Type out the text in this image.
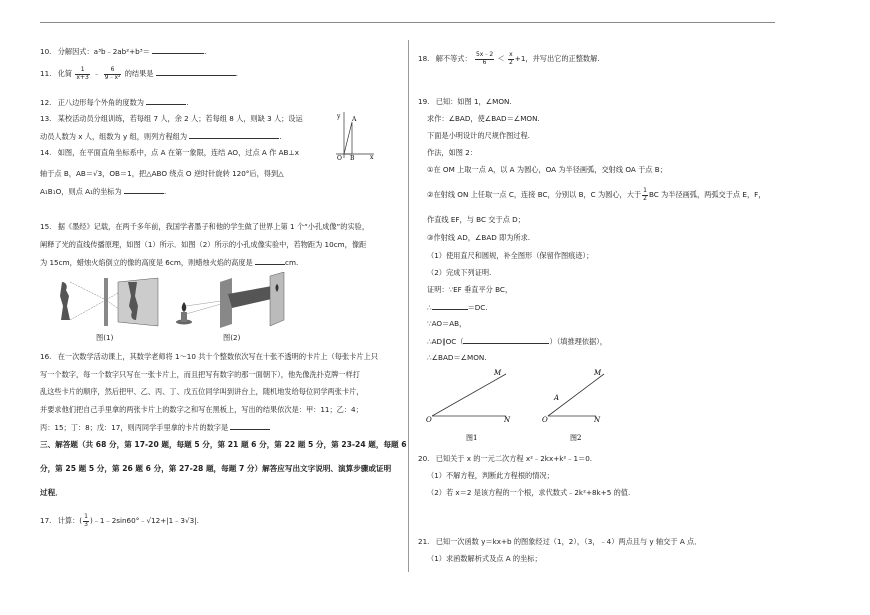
10. 分解因式：a³b﹣2ab²+b³＝	.
11. 化简 $\frac{1}{x+3}$ ﹣ $\frac{6}{\text{9﹣x²}}$ 的结果是	.
12. 正八边形每个外角的度数为	.
13. 某校活动员分组训练，若每组 7 人，余 2 人；若每组 8 人，则缺 3 人；设运
动员人数为 x 人，组数为 y 组，则列方程组为	.
14. 如图，在平面直角坐标系中，点 A 在第一象限，连结 AO，过点 A 作 AB⊥x
轴于点 B，AB＝√3，OB＝1，把△ABO 绕点 O 逆时针旋转 120°后，得到△
A₁B₁O，则点 A₁的坐标为	.
y
x
A
O B
15. 据《墨经》记载，在两千多年前，我国学者墨子和他的学生做了世界上第 1 个“小孔成像”的实验，
阐释了光的直线传播原理，如图（1）所示．如图（2）所示的小孔成像实验中，若物距为 10cm，像距
为 15cm，蜡烛火焰倒立的像的高度是 6cm，则蜡烛火焰的高度是	cm.
图(1)	图(2)
16. 在一次数学活动课上，其数学老师将 1～10 共十个整数依次写在十张不透明的卡片上（每张卡片上只
写一个数字，每一个数字只写在一张卡片上，而且把写有数字的那一面朝下），他先像洗扑克牌一样打
乱这些卡片的顺序，然后把甲、乙、丙、丁、戊五位同学叫到讲台上，随机地发给每位同学两张卡片，
并要求他们把自己手里拿的两张卡片上的数字之和写在黑板上，写出的结果依次是：甲：11；乙：4；
丙：15；丁：8；戊：17，则丙同学手里拿的卡片的数字是
三、解答题（共 68 分，第 17-20 题，每题 5 分，第 21 题 6 分，第 22 题 5 分，第 23-24 题，每题 6
分，第 25 题 5 分，第 26 题 6 分，第 27-28 题，每题 7 分）解答应写出文字说明、演算步骤或证明
过程．
17. 计算：( $\frac{1}{3}$ )﹣1﹣2sin60°﹣√12+|1﹣3√3|.
18. 解不等式： $\frac{5x﹣2}{6} < \frac{x}{2} +1$，并写出它的正整数解.
19. 已知：如图 1，∠MON.
求作：∠BAD，使∠BAD＝∠MON.
下面是小明设计的尺规作图过程.
作法，如图 2：
①在 OM 上取一点 A，以 A 为圆心，OA 为半径画弧，交射线 OA 于点 B；
②在射线 ON 上任取一点 C，连接 BC，分别以 B，C 为圆心，大于 $\frac{1}{2}$ BC 为半径画弧，两弧交于点 E，F，
作直线 EF，与 BC 交于点 D；
③作射线 AD，∠BAD 即为所求.
（1）使用直尺和圆规，补全图形（保留作图痕迹）；
（2）完成下列证明.
证明：∵EF 垂直平分 BC，
∴	＝DC.
∵AO＝AB，
∴AD∥OC（	）（填推理依据），
∴∠BAD＝∠MON.
M
O	N
图1
M
A
O	N
图2
20. 已知关于 x 的一元二次方程 x²﹣2kx+k²﹣1＝0.
（1）不解方程，判断此方程根的情况；
（2）若 x＝2 是该方程的一个根，求代数式﹣2k²+8k+5 的值.
21. 已知一次函数 y＝kx+b 的图象经过（1，2），（3，﹣4）两点且与 y 轴交于 A 点．
（1）求函数解析式及点 A 的坐标；
